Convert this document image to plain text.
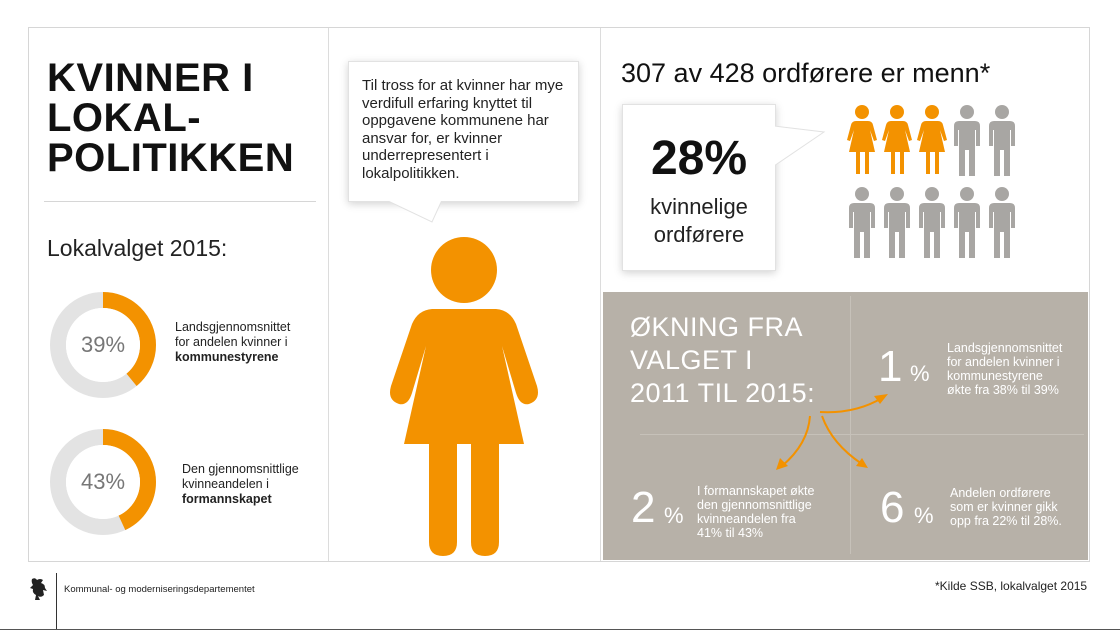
KVINNER I
LOKAL-
POLITIKKEN
Lokalvalget 2015:
39%
Landsgjennomsnittet
for andelen kvinner i
kommunestyrene
43%	Den gjennomsnittlige
kvinneandelen i
formannskapet
Til tross for at kvinner har mye verdifull erfaring knyttet til oppgavene kommunene har ansvar for, er kvinner underrepresentert i lokalpolitikken.
307 av 428 ordførere er menn*
28%
kvinnelige
ordførere
ØKNING FRA
VALGET I
2011 TIL 2015:
1 %
Landsgjennomsnittet
for andelen kvinner i
kommunestyrene
økte fra 38% til 39%
2 %
I formannskapet økte
den gjennomsnittlige
kvinneandelen fra
41% til 43%
6 %
Andelen ordførere
som er kvinner gikk
opp fra 22% til 28%.
Kommunal- og moderniseringsdepartementet	*Kilde SSB, lokalvalget 2015
